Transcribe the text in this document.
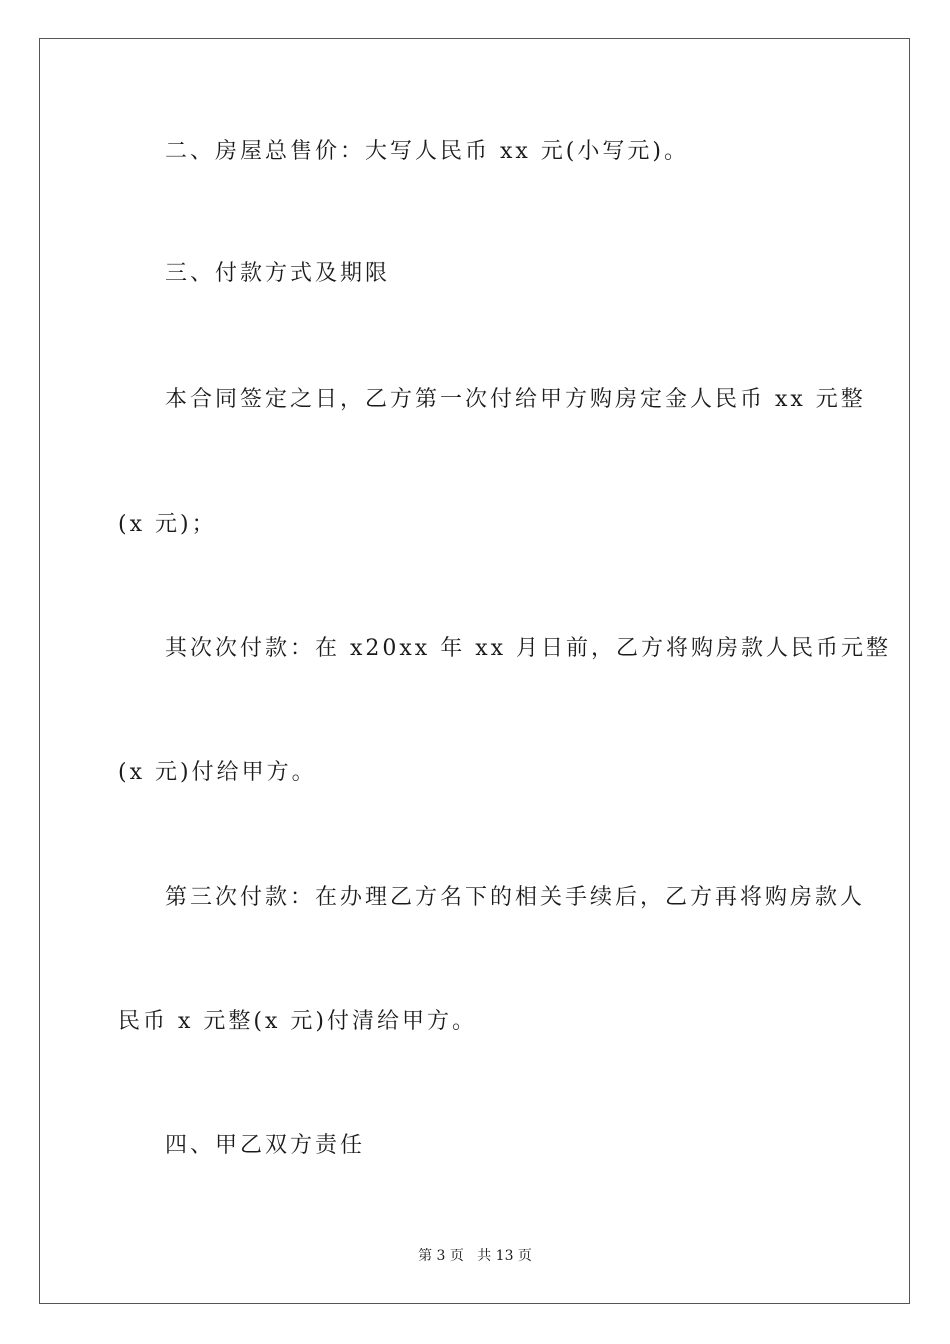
二、房屋总售价：大写人民币 xx 元(小写元)。
三、付款方式及期限
本合同签定之日，乙方第一次付给甲方购房定金人民币 xx 元整
(x 元)；
其次次付款：在 x20xx 年 xx 月日前，乙方将购房款人民币元整
(x 元)付给甲方。
第三次付款：在办理乙方名下的相关手续后，乙方再将购房款人
民币 x 元整(x 元)付清给甲方。
四、甲乙双方责任
第 3 页   共 13 页
